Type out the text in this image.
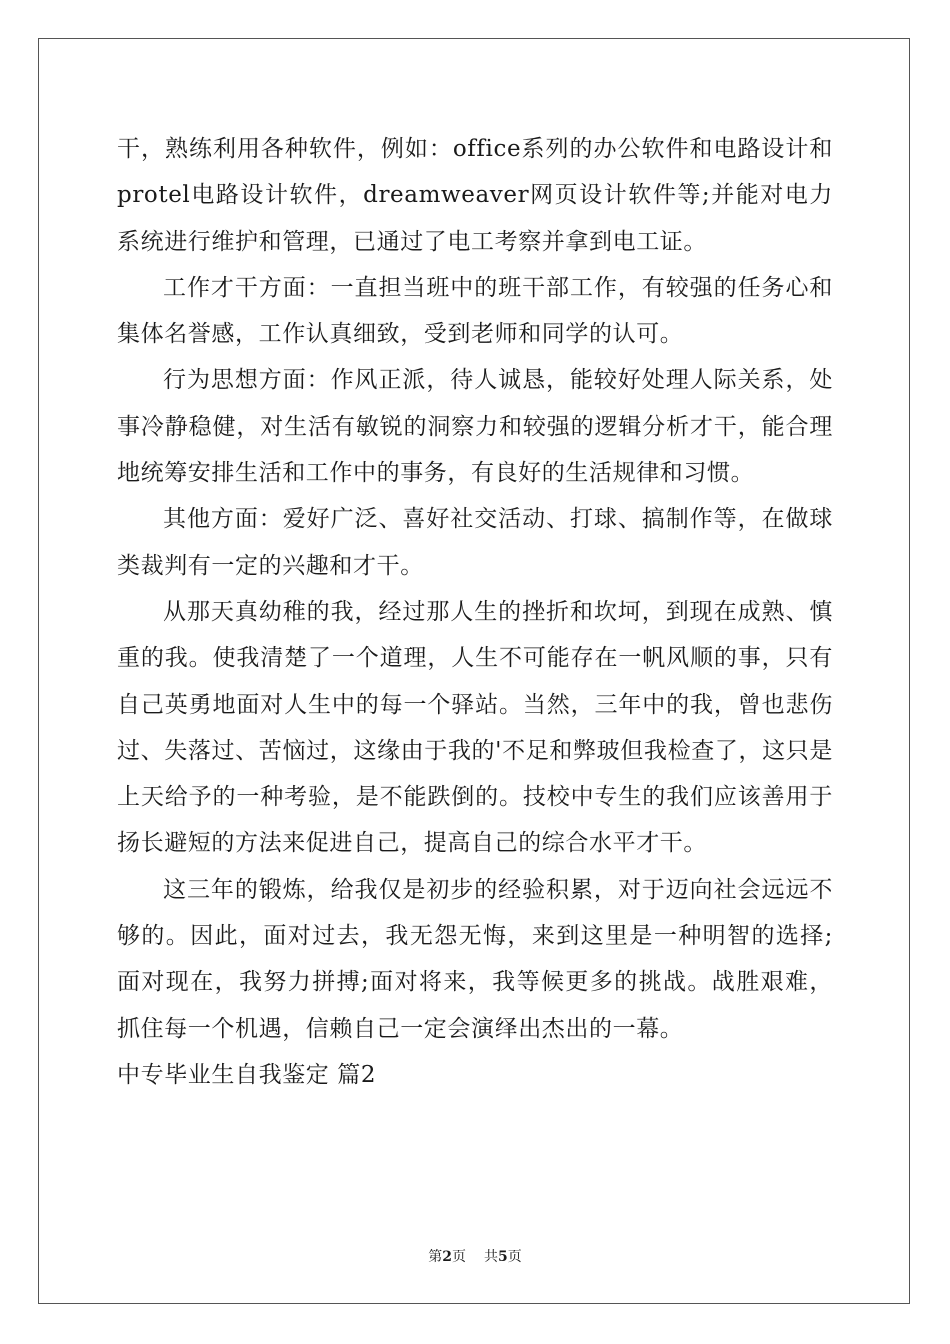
干，熟练利用各种软件，例如：office系列的办公软件和电路设计和protel电路设计软件，dreamweaver网页设计软件等;并能对电力系统进行维护和管理，已通过了电工考察并拿到电工证。

工作才干方面：一直担当班中的班干部工作，有较强的任务心和集体名誉感，工作认真细致，受到老师和同学的认可。

行为思想方面：作风正派，待人诚恳，能较好处理人际关系，处事冷静稳健，对生活有敏锐的洞察力和较强的逻辑分析才干，能合理地统筹安排生活和工作中的事务，有良好的生活规律和习惯。

其他方面：爱好广泛、喜好社交活动、打球、搞制作等，在做球类裁判有一定的兴趣和才干。

从那天真幼稚的我，经过那人生的挫折和坎坷，到现在成熟、慎重的我。使我清楚了一个道理，人生不可能存在一帆风顺的事，只有自己英勇地面对人生中的每一个驿站。当然，三年中的我，曾也悲伤过、失落过、苦恼过，这缘由于我的'不足和弊玻但我检查了，这只是上天给予的一种考验，是不能跌倒的。技校中专生的我们应该善用于扬长避短的方法来促进自己，提高自己的综合水平才干。

这三年的锻炼，给我仅是初步的经验积累，对于迈向社会远远不够的。因此，面对过去，我无怨无悔，来到这里是一种明智的选择;面对现在，我努力拼搏;面对将来，我等候更多的挑战。战胜艰难，抓住每一个机遇，信赖自己一定会演绎出杰出的一幕。

中专毕业生自我鉴定 篇2

第2页 共5页
